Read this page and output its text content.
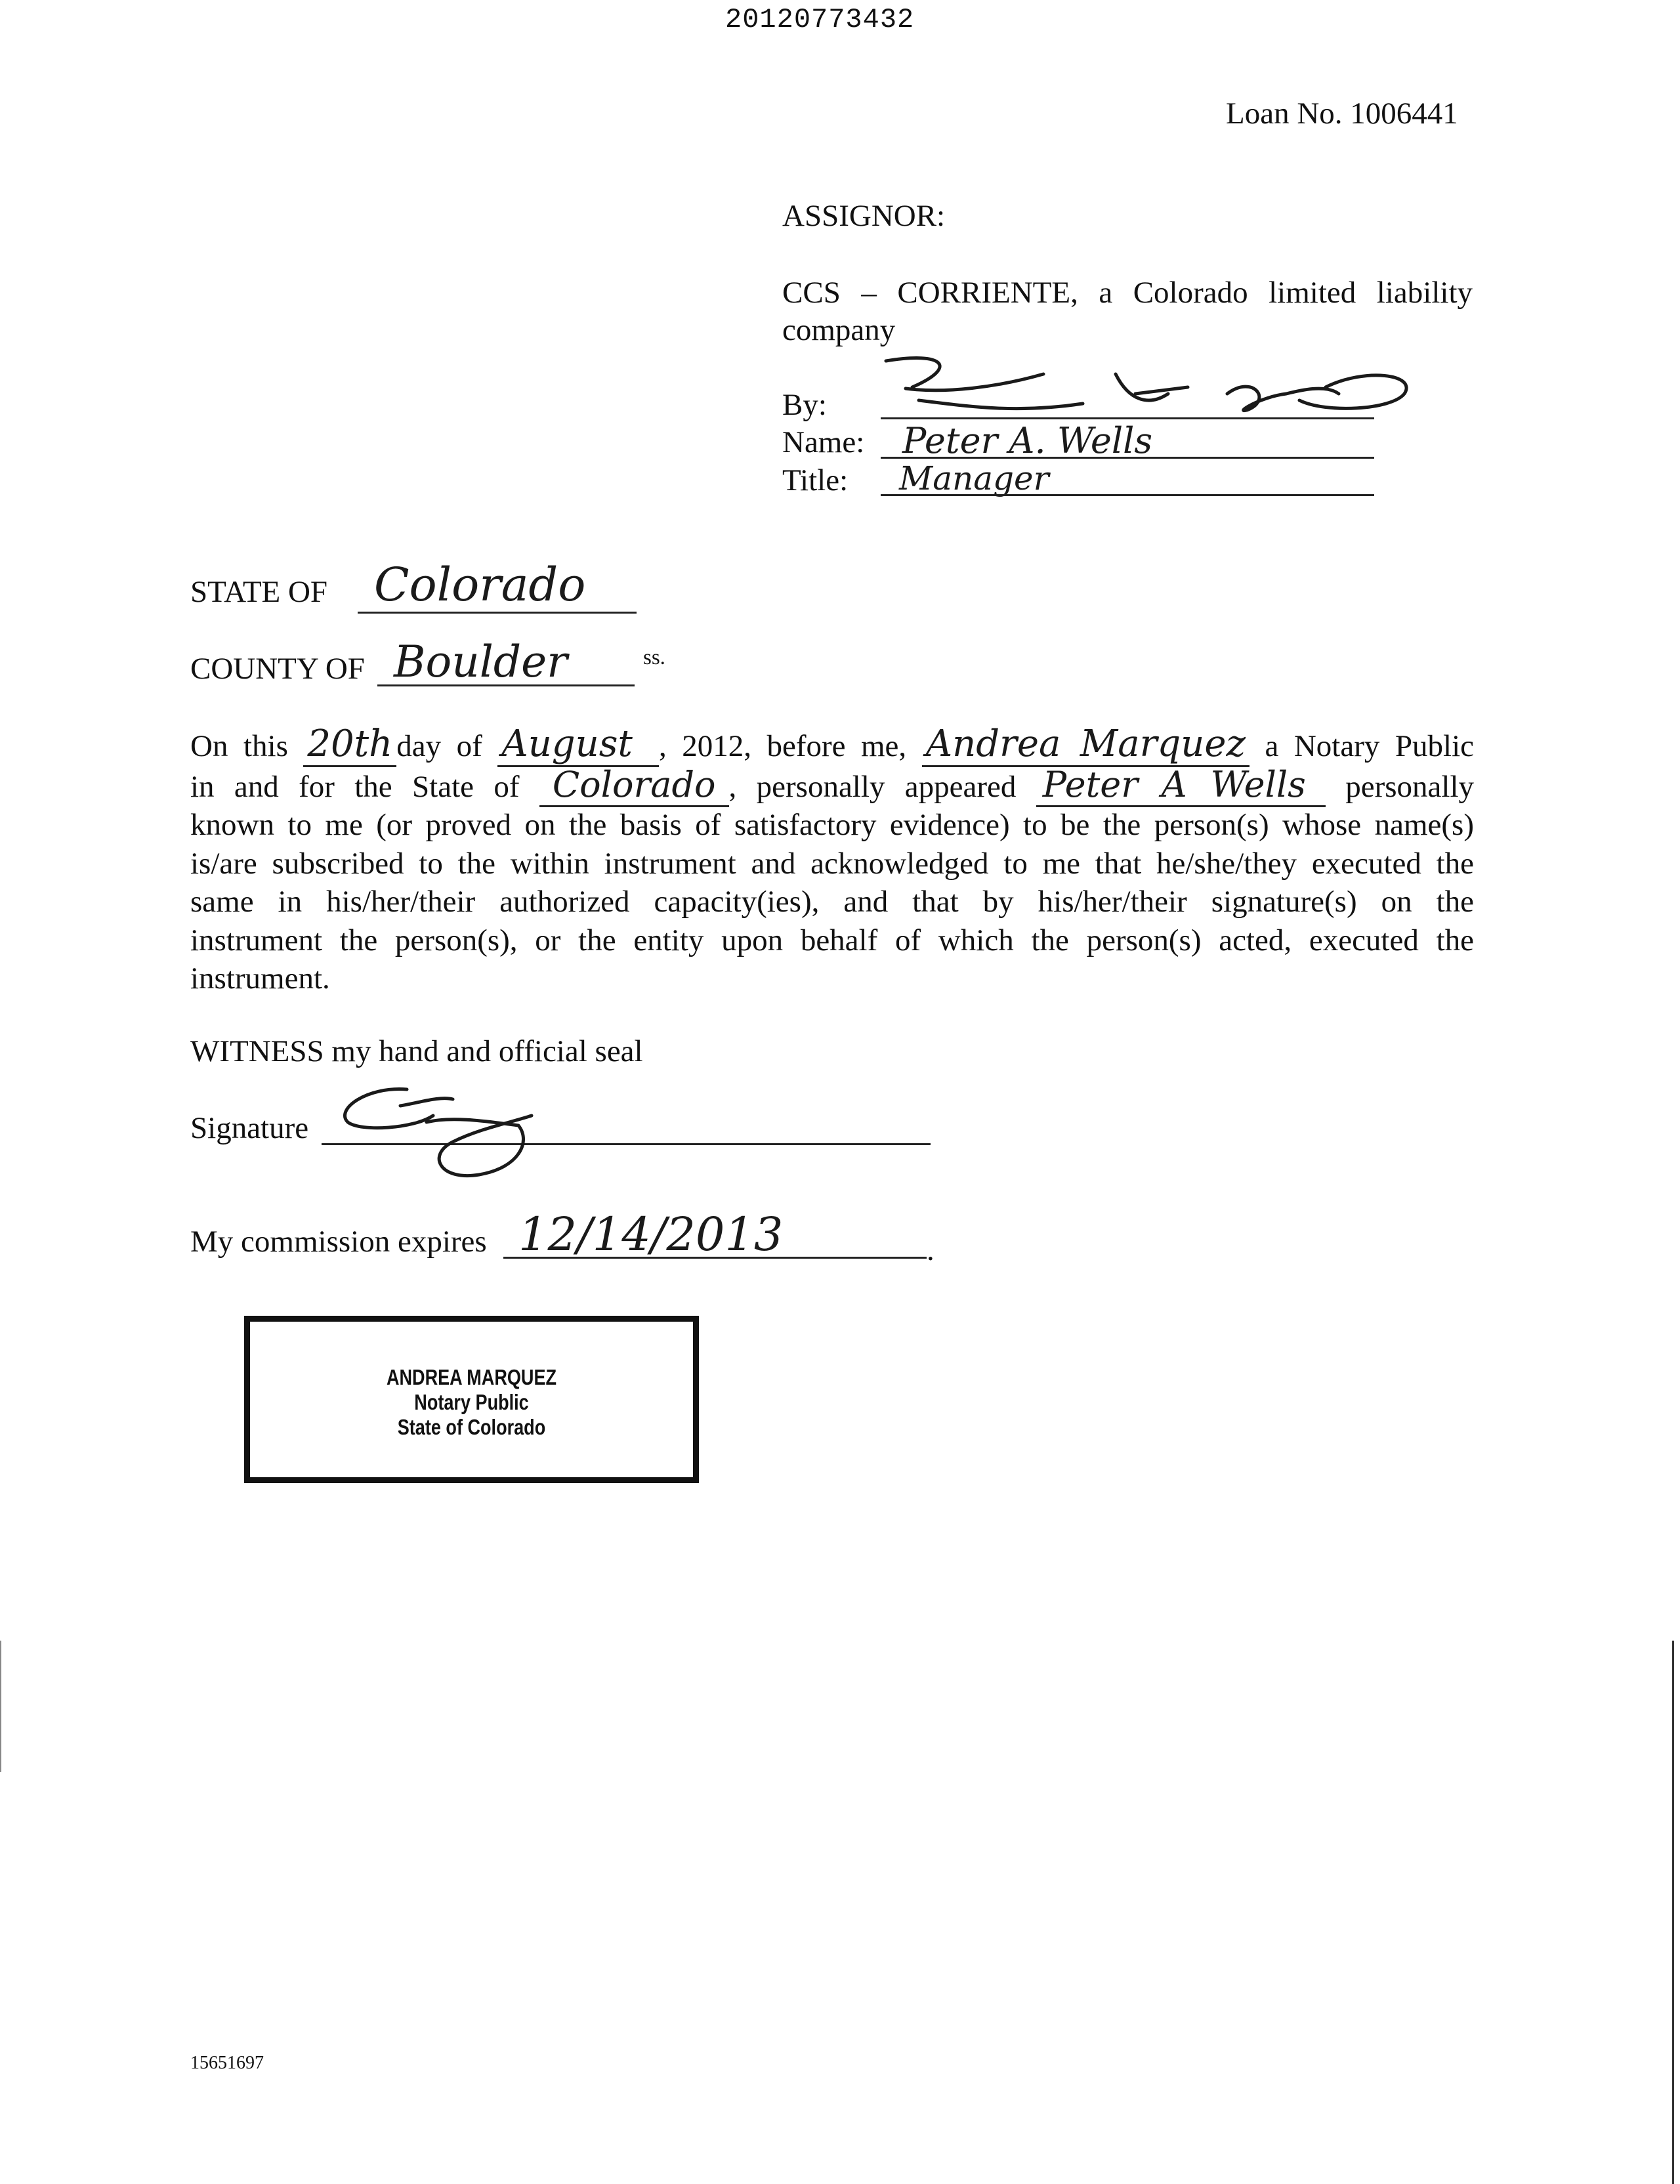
20120773432
Loan No. 1006441
ASSIGNOR:
CCS – CORRIENTE, a Colorado limited liability
company
By:
Name: Peter A. Wells
Title: Manager
STATE OF Colorado
COUNTY OF Boulder	ss.
On this 20th day of August , 2012, before me, Andrea Marquez a Notary Public
in and for the State of Colorado , personally appeared Peter A Wells personally
known to me (or proved on the basis of satisfactory evidence) to be the person(s) whose name(s)
is/are subscribed to the within instrument and acknowledged to me that he/she/they executed the
same in his/her/their authorized capacity(ies), and that by his/her/their signature(s) on the
instrument the person(s), or the entity upon behalf of which the person(s) acted, executed the
instrument.
WITNESS my hand and official seal
Signature
My commission expires 12/14/2013	.
ANDREA MARQUEZ
Notary Public
State of Colorado
15651697
